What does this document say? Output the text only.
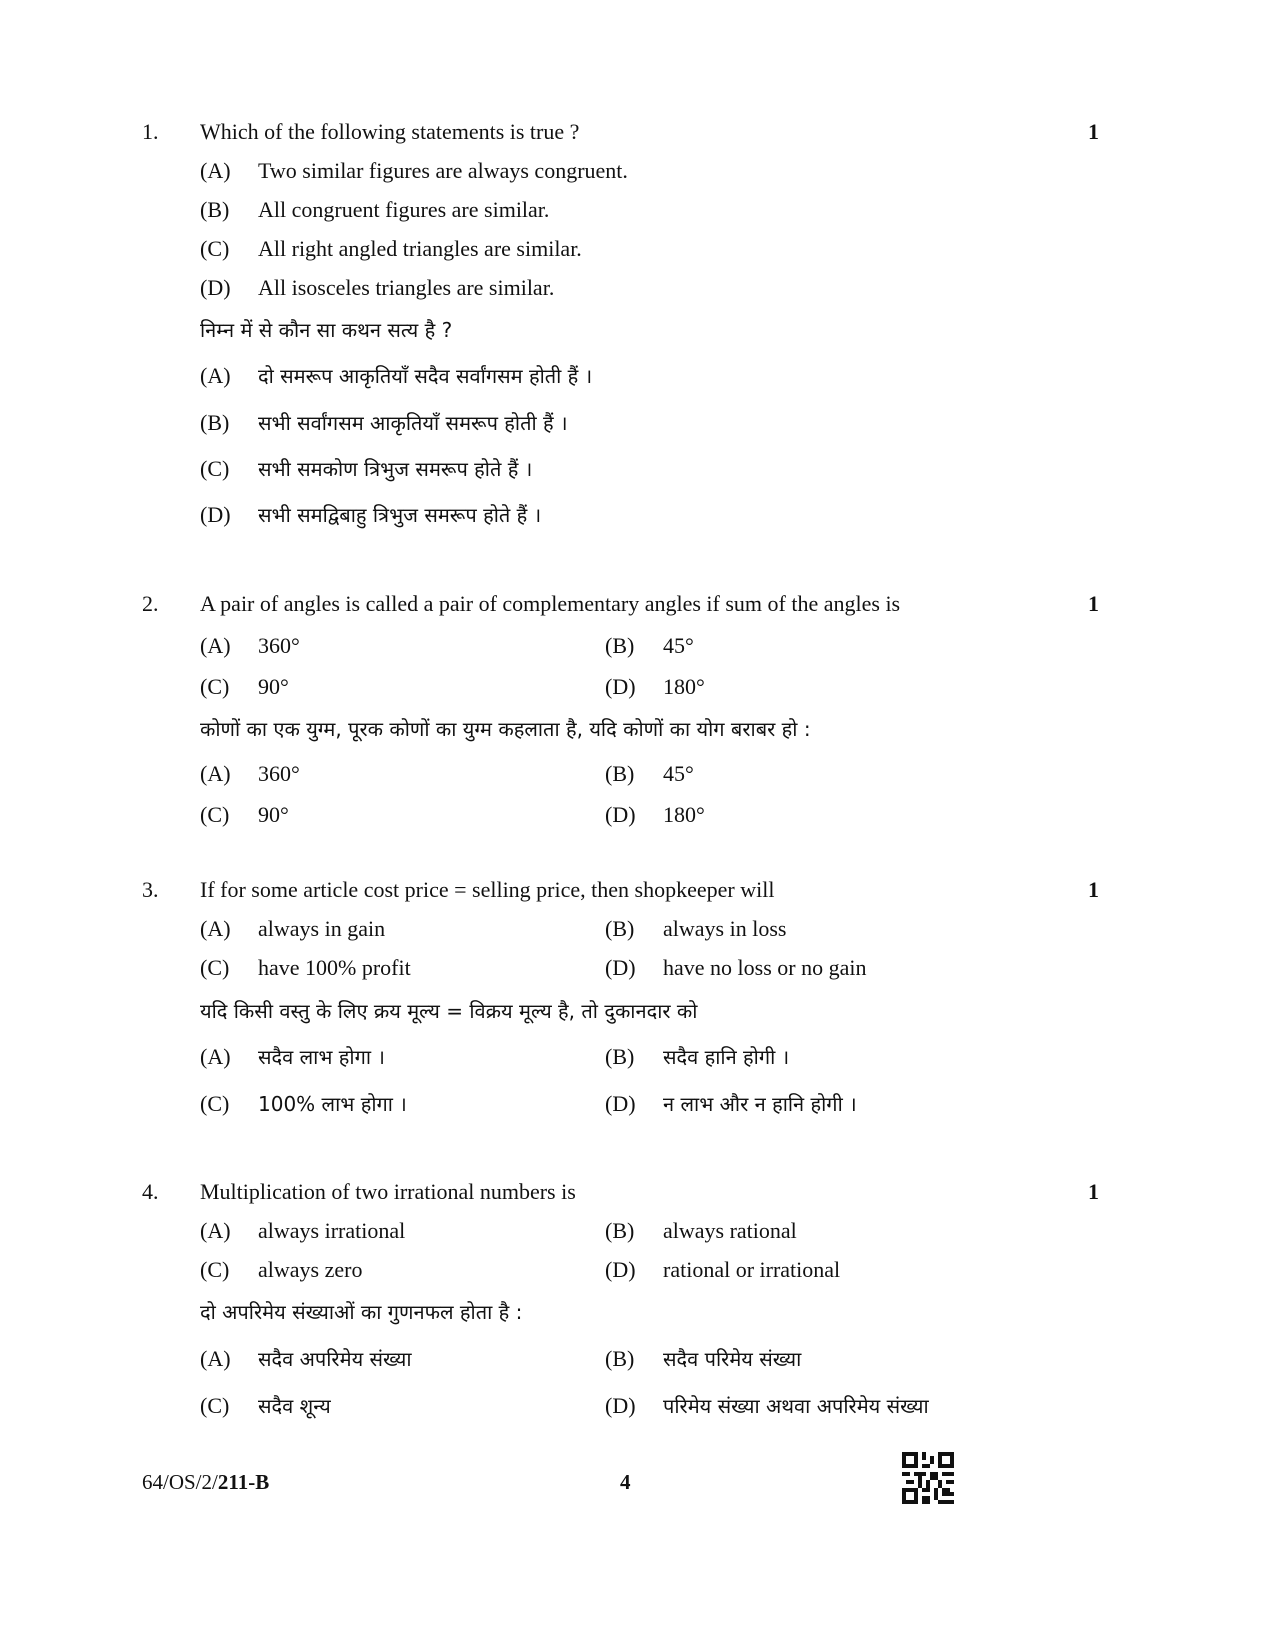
1. Which of the following statements is true ?	1
(A) Two similar figures are always congruent.
(B) All congruent figures are similar.
(C) All right angled triangles are similar.
(D) All isosceles triangles are similar.
निम्न में से कौन सा कथन सत्य है ?
(A) दो समरूप आकृतियाँ सदैव सर्वांगसम होती हैं ।
(B) सभी सर्वांगसम आकृतियाँ समरूप होती हैं ।
(C) सभी समकोण त्रिभुज समरूप होते हैं ।
(D) सभी समद्विबाहु त्रिभुज समरूप होते हैं ।
2. A pair of angles is called a pair of complementary angles if sum of the angles is	1
(A) 360°	(B) 45°
(C) 90°	(D) 180°
कोणों का एक युग्म, पूरक कोणों का युग्म कहलाता है, यदि कोणों का योग बराबर हो :
(A) 360°	(B) 45°
(C) 90°	(D) 180°
3. If for some article cost price = selling price, then shopkeeper will	1
(A) always in gain	(B) always in loss
(C) have 100% profit	(D) have no loss or no gain
यदि किसी वस्तु के लिए क्रय मूल्य = विक्रय मूल्य है, तो दुकानदार को
(A) सदैव लाभ होगा ।	(B) सदैव हानि होगी ।
(C) 100% लाभ होगा ।	(D) न लाभ और न हानि होगी ।
4. Multiplication of two irrational numbers is	1
(A) always irrational	(B) always rational
(C) always zero	(D) rational or irrational
दो अपरिमेय संख्याओं का गुणनफल होता है :
(A) सदैव अपरिमेय संख्या	(B) सदैव परिमेय संख्या
(C) सदैव शून्य	(D) परिमेय संख्या अथवा अपरिमेय संख्या
64/OS/2/211-B	4
